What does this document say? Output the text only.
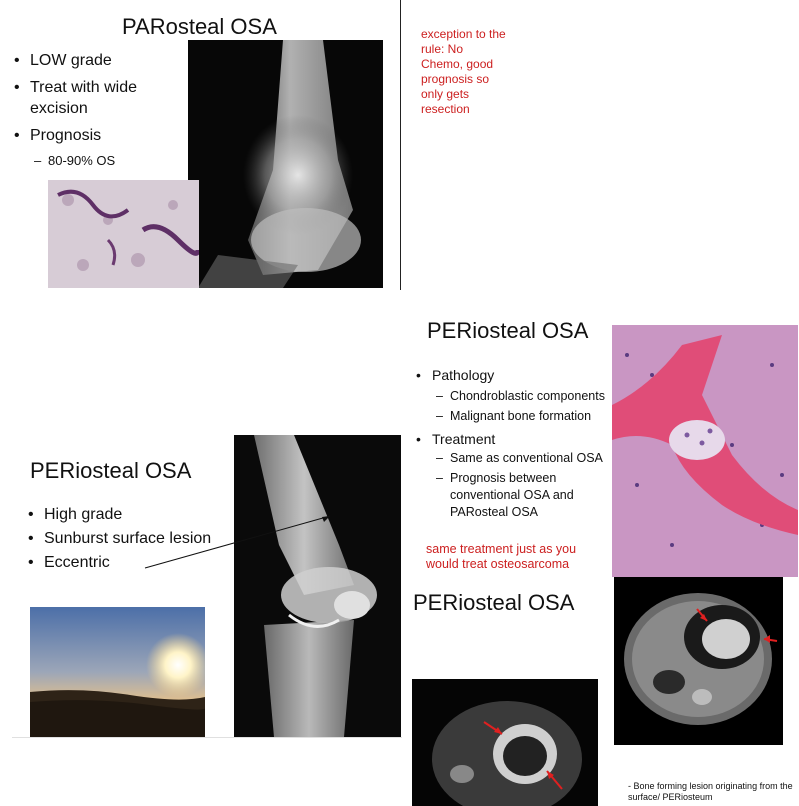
PARosteal OSA
• LOW grade
• Treat with wide excision
• Prognosis
– 80-90% OS
exception to the rule: No Chemo, good prognosis so only gets resection
PERiosteal OSA
• Pathology
– Chondroblastic components
– Malignant bone formation
• Treatment
– Same as conventional OSA
– Prognosis between conventional OSA and PARosteal OSA
same treatment just as you would treat osteosarcoma
PERiosteal OSA
• High grade
• Sunburst surface lesion
• Eccentric
PERiosteal OSA
- Bone forming lesion originating from the surface/ PERiosteum
